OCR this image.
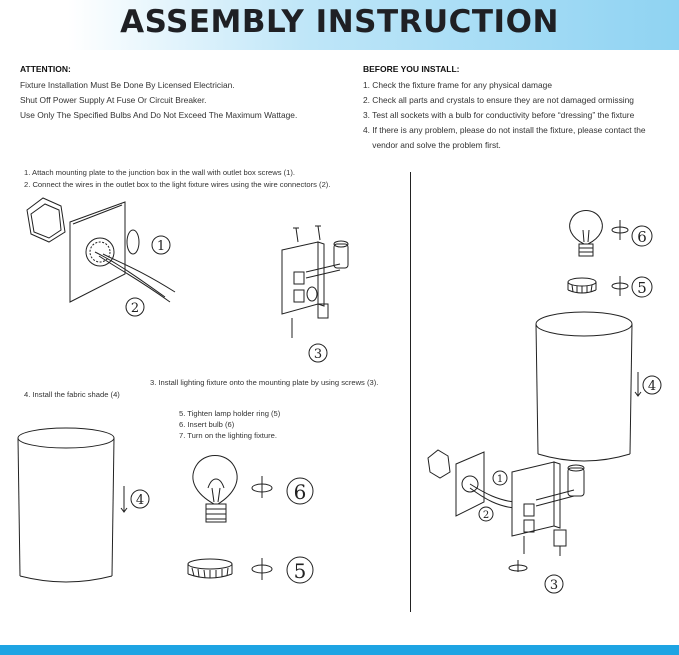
ASSEMBLY INSTRUCTION
ATTENTION:
Fixture Installation Must Be Done By Licensed Electrician.
Shut Off Power Supply At Fuse Or Circuit Breaker.
Use Only The Specified Bulbs And Do Not Exceed The Maximum Wattage.
BEFORE YOU INSTALL:
1. Check the fixture frame for any physical damage
2. Check all parts and crystals to ensure they are not damaged ormissing
3. Test all sockets with a bulb for conductivity before “dressing” the fixture
4. If there is any problem, please do not install the fixture, please contact the
vendor and solve the problem first.
1. Attach mounting plate to the junction box in the wall with outlet box screws (1).
2. Connect the wires in the outlet box to the light fixture wires using the wire connectors (2).
3. Install lighting fixture onto the mounting plate by using screws (3).
4. Install the fabric shade (4)
5. Tighten lamp holder ring (5)
6. Insert bulb (6)
7. Turn on the lighting fixture.
1
2
3
4	6
5
6
5
4
1
2
3
